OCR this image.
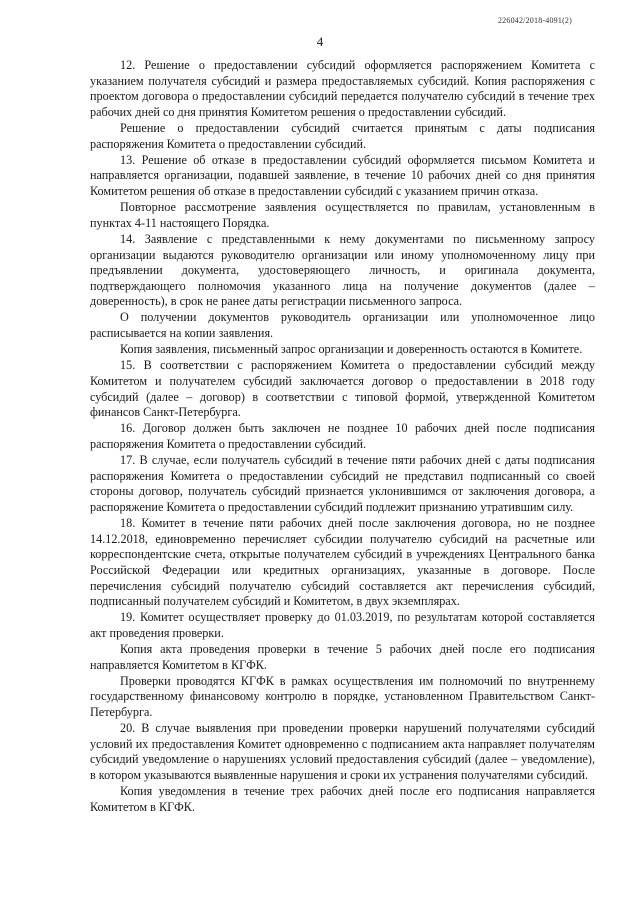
226042/2018-4091(2)
4

12. Решение о предоставлении субсидий оформляется распоряжением Комитета с указанием получателя субсидий и размера предоставляемых субсидий. Копия распоряжения с проектом договора о предоставлении субсидий передается получателю субсидий в течение трех рабочих дней со дня принятия Комитетом решения о предоставлении субсидий.

Решение о предоставлении субсидий считается принятым с даты подписания распоряжения Комитета о предоставлении субсидий.

13. Решение об отказе в предоставлении субсидий оформляется письмом Комитета и направляется организации, подавшей заявление, в течение 10 рабочих дней со дня принятия Комитетом решения об отказе в предоставлении субсидий с указанием причин отказа.

Повторное рассмотрение заявления осуществляется по правилам, установленным в пунктах 4-11 настоящего Порядка.

14. Заявление с представленными к нему документами по письменному запросу организации выдаются руководителю организации или иному уполномоченному лицу при предъявлении документа, удостоверяющего личность, и оригинала документа, подтверждающего полномочия указанного лица на получение документов (далее – доверенность), в срок не ранее даты регистрации письменного запроса.

О получении документов руководитель организации или уполномоченное лицо расписывается на копии заявления.

Копия заявления, письменный запрос организации и доверенность остаются в Комитете.

15. В соответствии с распоряжением Комитета о предоставлении субсидий между Комитетом и получателем субсидий заключается договор о предоставлении в 2018 году субсидий (далее – договор) в соответствии с типовой формой, утвержденной Комитетом финансов Санкт-Петербурга.

16. Договор должен быть заключен не позднее 10 рабочих дней после подписания распоряжения Комитета о предоставлении субсидий.

17. В случае, если получатель субсидий в течение пяти рабочих дней с даты подписания распоряжения Комитета о предоставлении субсидий не представил подписанный со своей стороны договор, получатель субсидий признается уклонившимся от заключения договора, а распоряжение Комитета о предоставлении субсидий подлежит признанию утратившим силу.

18. Комитет в течение пяти рабочих дней после заключения договора, но не позднее 14.12.2018, единовременно перечисляет субсидии получателю субсидий на расчетные или корреспондентские счета, открытые получателем субсидий в учреждениях Центрального банка Российской Федерации или кредитных организациях, указанные в договоре. После перечисления субсидий получателю субсидий составляется акт перечисления субсидий, подписанный получателем субсидий и Комитетом, в двух экземплярах.

19. Комитет осуществляет проверку до 01.03.2019, по результатам которой составляется акт проведения проверки.

Копия акта проведения проверки в течение 5 рабочих дней после его подписания направляется Комитетом в КГФК.

Проверки проводятся КГФК в рамках осуществления им полномочий по внутреннему государственному финансовому контролю в порядке, установленном Правительством Санкт-Петербурга.

20. В случае выявления при проведении проверки нарушений получателями субсидий условий их предоставления Комитет одновременно с подписанием акта направляет получателям субсидий уведомление о нарушениях условий предоставления субсидий (далее – уведомление), в котором указываются выявленные нарушения и сроки их устранения получателями субсидий.

Копия уведомления в течение трех рабочих дней после его подписания направляется Комитетом в КГФК.
